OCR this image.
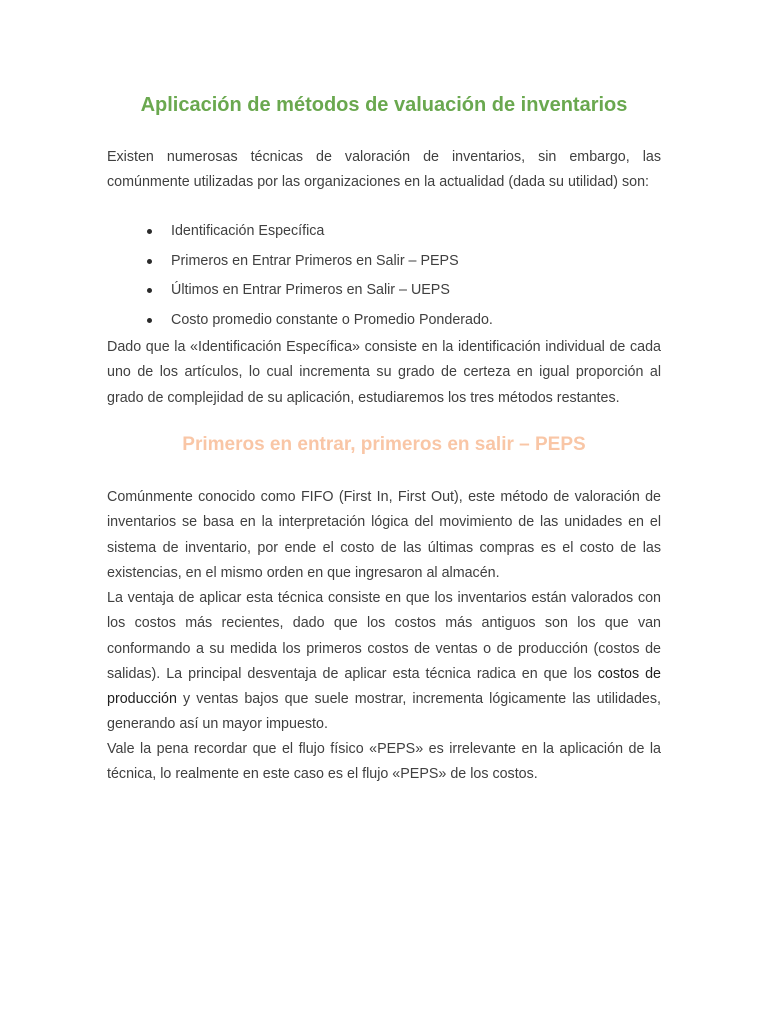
Aplicación de métodos de valuación de inventarios

Existen numerosas técnicas de valoración de inventarios, sin embargo, las comúnmente utilizadas por las organizaciones en la actualidad (dada su utilidad) son:

Identificación Específica
Primeros en Entrar Primeros en Salir – PEPS
Últimos en Entrar Primeros en Salir – UEPS
Costo promedio constante o Promedio Ponderado.

Dado que la «Identificación Específica» consiste en la identificación individual de cada uno de los artículos, lo cual incrementa su grado de certeza en igual proporción al grado de complejidad de su aplicación, estudiaremos los tres métodos restantes.

Primeros en entrar, primeros en salir – PEPS

Comúnmente conocido como FIFO (First In, First Out), este método de valoración de inventarios se basa en la interpretación lógica del movimiento de las unidades en el sistema de inventario, por ende el costo de las últimas compras es el costo de las existencias, en el mismo orden en que ingresaron al almacén.

La ventaja de aplicar esta técnica consiste en que los inventarios están valorados con los costos más recientes, dado que los costos más antiguos son los que van conformando a su medida los primeros costos de ventas o de producción (costos de salidas). La principal desventaja de aplicar esta técnica radica en que los costos de producción y ventas bajos que suele mostrar, incrementa lógicamente las utilidades, generando así un mayor impuesto.

Vale la pena recordar que el flujo físico «PEPS» es irrelevante en la aplicación de la técnica, lo realmente en este caso es el flujo «PEPS» de los costos.
